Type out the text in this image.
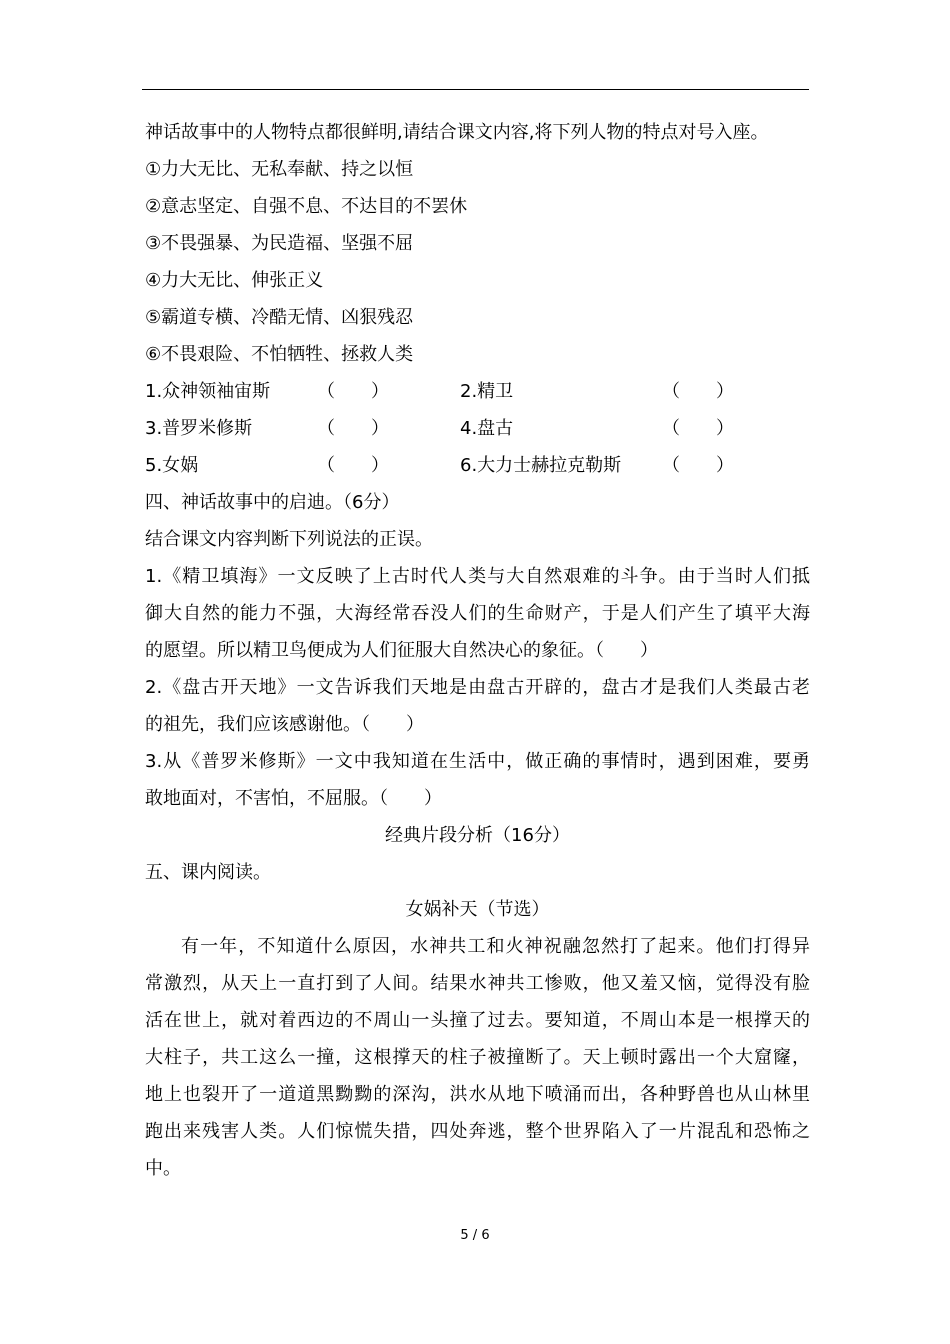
神话故事中的人物特点都很鲜明,请结合课文内容,将下列人物的特点对号入座。
①力大无比、无私奉献、持之以恒
②意志坚定、自强不息、不达目的不罢休
③不畏强暴、为民造福、坚强不屈
④力大无比、伸张正义
⑤霸道专横、冷酷无情、凶狠残忍
⑥不畏艰险、不怕牺牲、拯救人类
1.众神领袖宙斯	（　　）	2.精卫	（　　）
3.普罗米修斯	（　　）	4.盘古	（　　）
5.女娲	（　　）	6.大力士赫拉克勒斯	（　　）
四、神话故事中的启迪。（6分）
结合课文内容判断下列说法的正误。
1.《精卫填海》一文反映了上古时代人类与大自然艰难的斗争。由于当时人们抵
御大自然的能力不强，大海经常吞没人们的生命财产，于是人们产生了填平大海
的愿望。所以精卫鸟便成为人们征服大自然决心的象征。（　　）
2.《盘古开天地》一文告诉我们天地是由盘古开辟的，盘古才是我们人类最古老
的祖先，我们应该感谢他。（　　）
3.从《普罗米修斯》一文中我知道在生活中，做正确的事情时，遇到困难，要勇
敢地面对，不害怕，不屈服。（　　）
经典片段分析（16分）
五、课内阅读。
女娲补天（节选）
有一年，不知道什么原因，水神共工和火神祝融忽然打了起来。他们打得异
常激烈，从天上一直打到了人间。结果水神共工惨败，他又羞又恼，觉得没有脸
活在世上，就对着西边的不周山一头撞了过去。要知道，不周山本是一根撑天的
大柱子，共工这么一撞，这根撑天的柱子被撞断了。天上顿时露出一个大窟窿，
地上也裂开了一道道黑黝黝的深沟，洪水从地下喷涌而出，各种野兽也从山林里
跑出来残害人类。人们惊慌失措，四处奔逃，整个世界陷入了一片混乱和恐怖之
中。
5 / 6
